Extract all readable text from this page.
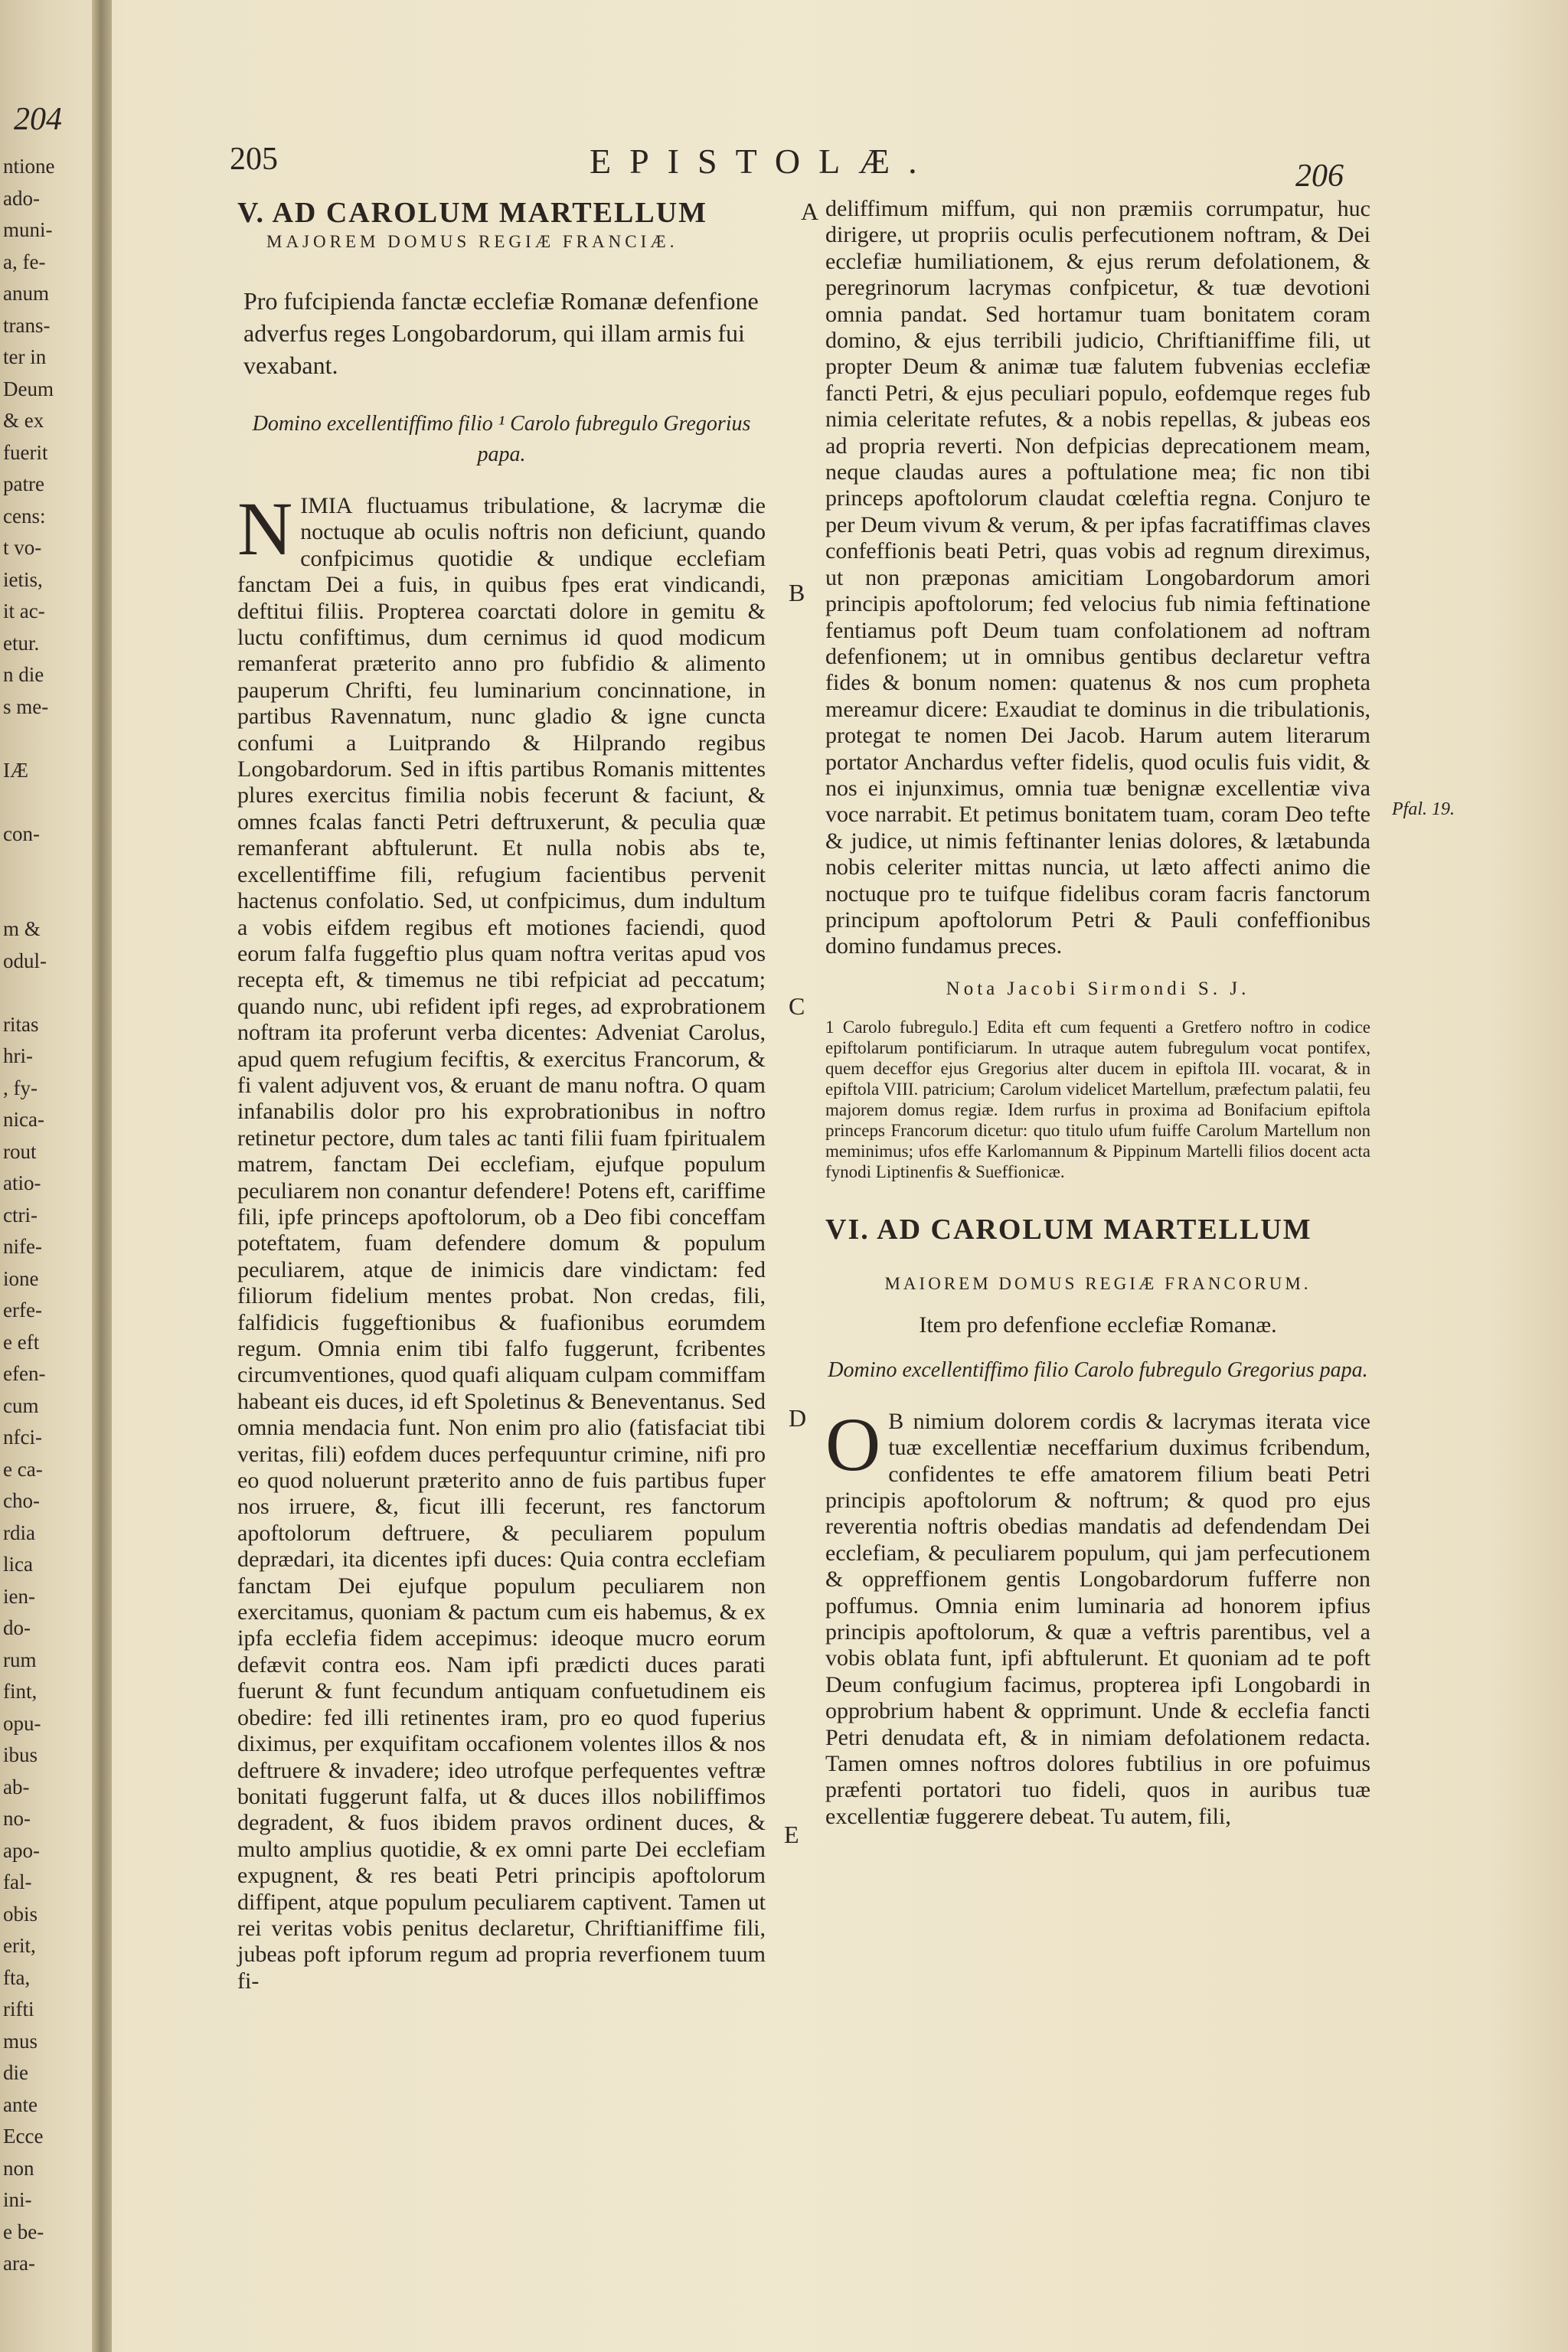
204
ntione
ado-
muni-
a, fe-
anum
trans-
ter in
Deum
& ex
fuerit
patre
cens:
t vo-
ietis,
it ac-
etur.
n die
s me-
IÆ
con-
m &
odul-
ritas
hri-
, fy-
nica-
rout
atio-
ctri-
nife-
ione
erfe-
e eft
efen-
cum
nfci-
e ca-
cho-
rdia
lica
ien-
do-
rum
fint,
opu-
ibus
ab-
no-
apo-
fal-
obis
erit,
fta,
rifti
mus
die
ante
Ecce
non
ini-
e be-
ara-
205	EPISTOLÆ.	206
V. AD CAROLUM MARTELLUM
MAJOREM DOMUS REGIÆ FRANCIÆ.

Pro fufcipienda fanctæ ecclefiæ Romanæ defenfione adverfus reges Longobardorum, qui illam armis fui vexabant.

Domino excellentiffimo filio ¹ Carolo fubregulo Gregorius papa.

NIMIA fluctuamus tribulatione, & lacrymæ die noctuque ab oculis noftris non deficiunt, quando confpicimus quotidie & undique ecclefiam fanctam Dei a fuis, in quibus fpes erat vindicandi, deftitui filiis. Propterea coarctati dolore in gemitu & luctu confiftimus, dum cernimus id quod modicum remanferat præterito anno pro fubfidio & alimento pauperum Chrifti, feu luminarium concinnatione, in partibus Ravennatum, nunc gladio & igne cuncta confumi a Luitprando & Hilprando regibus Longobardorum. Sed in iftis partibus Romanis mittentes plures exercitus fimilia nobis fecerunt & faciunt, & omnes fcalas fancti Petri deftruxerunt, & peculia quæ remanferant abftulerunt. Et nulla nobis abs te, excellentiffime fili, refugium facientibus pervenit hactenus confolatio. Sed, ut confpicimus, dum indultum a vobis eifdem regibus eft motiones faciendi, quod eorum falfa fuggeftio plus quam noftra veritas apud vos recepta eft, & timemus ne tibi refpiciat ad peccatum; quando nunc, ubi refident ipfi reges, ad exprobrationem noftram ita proferunt verba dicentes: Adveniat Carolus, apud quem refugium feciftis, & exercitus Francorum, & fi valent adjuvent vos, & eruant de manu noftra. O quam infanabilis dolor pro his exprobrationibus in noftro retinetur pectore, dum tales ac tanti filii fuam fpiritualem matrem, fanctam Dei ecclefiam, ejufque populum peculiarem non conantur defendere! Potens eft, cariffime fili, ipfe princeps apoftolorum, ob a Deo fibi conceffam poteftatem, fuam defendere domum & populum peculiarem, atque de inimicis dare vindictam: fed filiorum fidelium mentes probat. Non credas, fili, falfidicis fuggeftionibus & fuafionibus eorumdem regum. Omnia enim tibi falfo fuggerunt, fcribentes circumventiones, quod quafi aliquam culpam commiffam habeant eis duces, id eft Spoletinus & Beneventanus. Sed omnia mendacia funt. Non enim pro alio (fatisfaciat tibi veritas, fili) eofdem duces perfequuntur crimine, nifi pro eo quod noluerunt præterito anno de fuis partibus fuper nos irruere, &, ficut illi fecerunt, res fanctorum apoftolorum deftruere, & peculiarem populum deprædari, ita dicentes ipfi duces: Quia contra ecclefiam fanctam Dei ejufque populum peculiarem non exercitamus, quoniam & pactum cum eis habemus, & ex ipfa ecclefia fidem accepimus: ideoque mucro eorum defævit contra eos. Nam ipfi prædicti duces parati fuerunt & funt fecundum antiquam confuetudinem eis obedire: fed illi retinentes iram, pro eo quod fuperius diximus, per exquifitam occafionem volentes illos & nos deftruere & invadere; ideo utrofque perfequentes veftræ bonitati fuggerunt falfa, ut & duces illos nobiliffimos degradent, & fuos ibidem pravos ordinent duces, & multo amplius quotidie, & ex omni parte Dei ecclefiam expugnent, & res beati Petri principis apoftolorum diffipent, atque populum peculiarem captivent. Tamen ut rei veritas vobis penitus declaretur, Chriftianiffime fili, jubeas poft ipforum regum ad propria reverfionem tuum fi-

A
B
C
D
E
Pfal. 19.

deliffimum miffum, qui non præmiis corrumpatur, huc dirigere, ut propriis oculis perfecutionem noftram, & Dei ecclefiæ humiliationem, & ejus rerum defolationem, & peregrinorum lacrymas confpicetur, & tuæ devotioni omnia pandat. Sed hortamur tuam bonitatem coram domino, & ejus terribili judicio, Chriftianiffime fili, ut propter Deum & animæ tuæ falutem fubvenias ecclefiæ fancti Petri, & ejus peculiari populo, eofdemque reges fub nimia celeritate refutes, & a nobis repellas, & jubeas eos ad propria reverti. Non defpicias deprecationem meam, neque claudas aures a poftulatione mea; fic non tibi princeps apoftolorum claudat cœleftia regna. Conjuro te per Deum vivum & verum, & per ipfas facratiffimas claves confeffionis beati Petri, quas vobis ad regnum direximus, ut non præponas amicitiam Longobardorum amori principis apoftolorum; fed velocius fub nimia feftinatione fentiamus poft Deum tuam confolationem ad noftram defenfionem; ut in omnibus gentibus declaretur veftra fides & bonum nomen: quatenus & nos cum propheta mereamur dicere: Exaudiat te dominus in die tribulationis, protegat te nomen Dei Jacob. Harum autem literarum portator Anchardus vefter fidelis, quod oculis fuis vidit, & nos ei injunximus, omnia tuæ benignæ excellentiæ viva voce narrabit. Et petimus bonitatem tuam, coram Deo tefte & judice, ut nimis feftinanter lenias dolores, & lætabunda nobis celeriter mittas nuncia, ut læto affecti animo die noctuque pro te tuifque fidelibus coram facris fanctorum principum apoftolorum Petri & Pauli confeffionibus domino fundamus preces.

Nota Jacobi Sirmondi S. J.

1 Carolo fubregulo.] Edita eft cum fequenti a Gretfero noftro in codice epiftolarum pontificiarum. In utraque autem fubregulum vocat pontifex, quem deceffor ejus Gregorius alter ducem in epiftola III. vocarat, & in epiftola VIII. patricium; Carolum videlicet Martellum, præfectum palatii, feu majorem domus regiæ. Idem rurfus in proxima ad Bonifacium epiftola princeps Francorum dicetur: quo titulo ufum fuiffe Carolum Martellum non meminimus; ufos effe Karlomannum & Pippinum Martelli filios docent acta fynodi Liptinenfis & Sueffionicæ.

VI. AD CAROLUM MARTELLUM
MAIOREM DOMUS REGIÆ FRANCORUM.
Item pro defenfione ecclefiæ Romanæ.

Domino excellentiffimo filio Carolo fubregulo Gregorius papa.

O B nimium dolorem cordis & lacrymas iterata vice tuæ excellentiæ neceffarium duximus fcribendum, confidentes te effe amatorem filium beati Petri principis apoftolorum & noftrum; & quod pro ejus reverentia noftris obedias mandatis ad defendendam Dei ecclefiam, & peculiarem populum, qui jam perfecutionem & oppreffionem gentis Longobardorum fufferre non poffumus. Omnia enim luminaria ad honorem ipfius principis apoftolorum, & quæ a veftris parentibus, vel a vobis oblata funt, ipfi abftulerunt. Et quoniam ad te poft Deum confugium facimus, propterea ipfi Longobardi in opprobrium habent & opprimunt. Unde & ecclefia fancti Petri denudata eft, & in nimiam defolationem redacta. Tamen omnes noftros dolores fubtilius in ore pofuimus præfenti portatori tuo fideli, quos in auribus tuæ excellentiæ fuggerere debeat. Tu autem, fili,
